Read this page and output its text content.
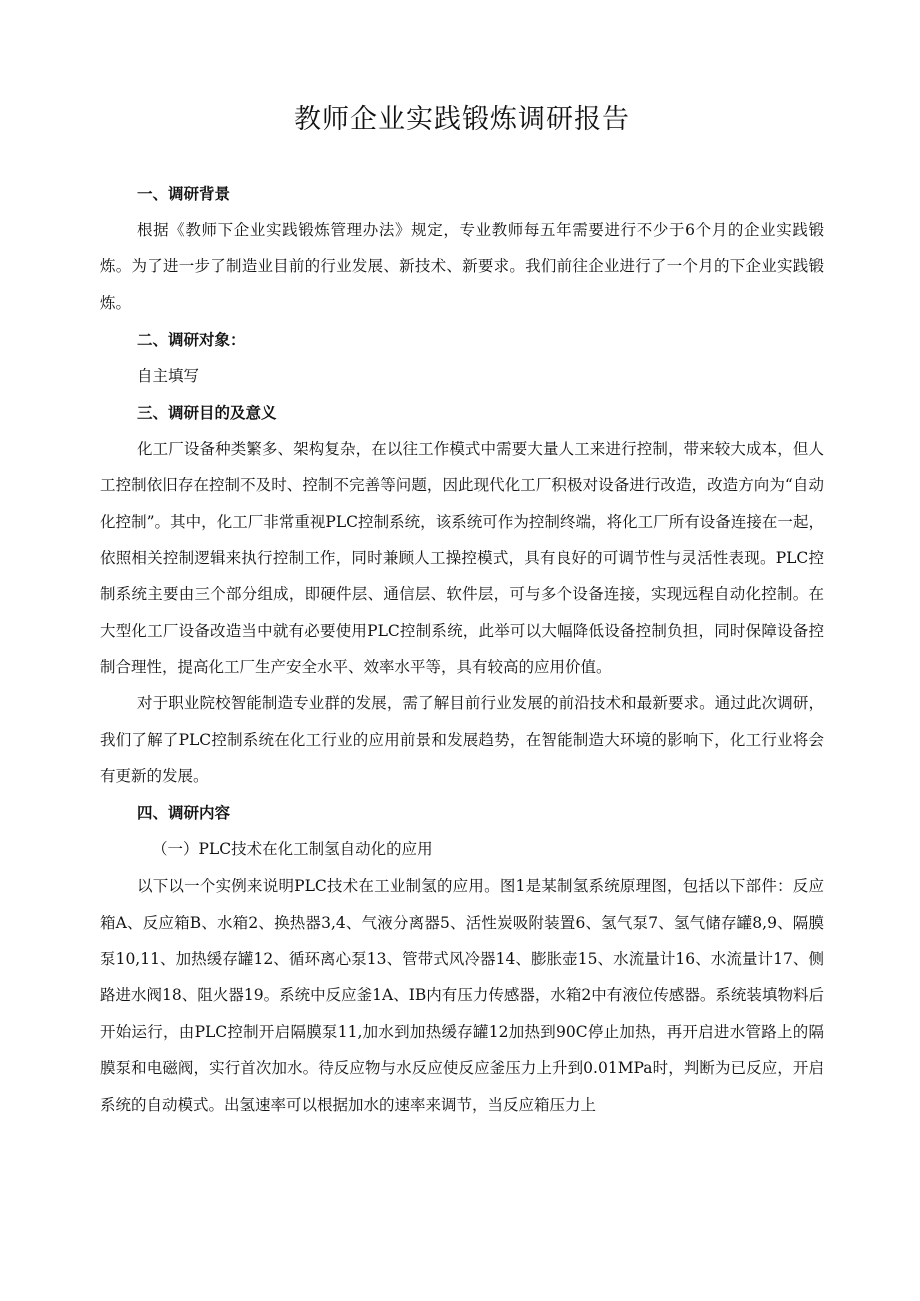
教师企业实践锻炼调研报告

一、调研背景

根据《教师下企业实践锻炼管理办法》规定，专业教师每五年需要进行不少于6个月的企业实践锻炼。为了进一步了制造业目前的行业发展、新技术、新要求。我们前往企业进行了一个月的下企业实践锻炼。

二、调研对象：

自主填写

三、调研目的及意义

化工厂设备种类繁多、架构复杂，在以往工作模式中需要大量人工来进行控制，带来较大成本，但人工控制依旧存在控制不及时、控制不完善等问题，因此现代化工厂积极对设备进行改造，改造方向为“自动化控制”。其中，化工厂非常重视PLC控制系统，该系统可作为控制终端，将化工厂所有设备连接在一起，依照相关控制逻辑来执行控制工作，同时兼顾人工操控模式，具有良好的可调节性与灵活性表现。PLC控制系统主要由三个部分组成，即硬件层、通信层、软件层，可与多个设备连接，实现远程自动化控制。在大型化工厂设备改造当中就有必要使用PLC控制系统，此举可以大幅降低设备控制负担，同时保障设备控制合理性，提高化工厂生产安全水平、效率水平等，具有较高的应用价值。

对于职业院校智能制造专业群的发展，需了解目前行业发展的前沿技术和最新要求。通过此次调研，我们了解了PLC控制系统在化工行业的应用前景和发展趋势，在智能制造大环境的影响下，化工行业将会有更新的发展。

四、调研内容

（一）PLC技术在化工制氢自动化的应用

以下以一个实例来说明PLC技术在工业制氢的应用。图1是某制氢系统原理图，包括以下部件：反应箱A、反应箱B、水箱2、换热器3,4、气液分离器5、活性炭吸附装置6、氢气泵7、氢气储存罐8,9、隔膜泵10,11、加热缓存罐12、循环离心泵13、管带式风冷器14、膨胀壶15、水流量计16、水流量计17、侧路进水阀18、阻火器19。系统中反应釜1A、IB内有压力传感器，水箱2中有液位传感器。系统装填物料后开始运行，由PLC控制开启隔膜泵11,加水到加热缓存罐12加热到90C停止加热，再开启进水管路上的隔膜泵和电磁阀，实行首次加水。待反应物与水反应使反应釜压力上升到0.01MPa时，判断为已反应，开启系统的自动模式。出氢速率可以根据加水的速率来调节，当反应箱压力上
